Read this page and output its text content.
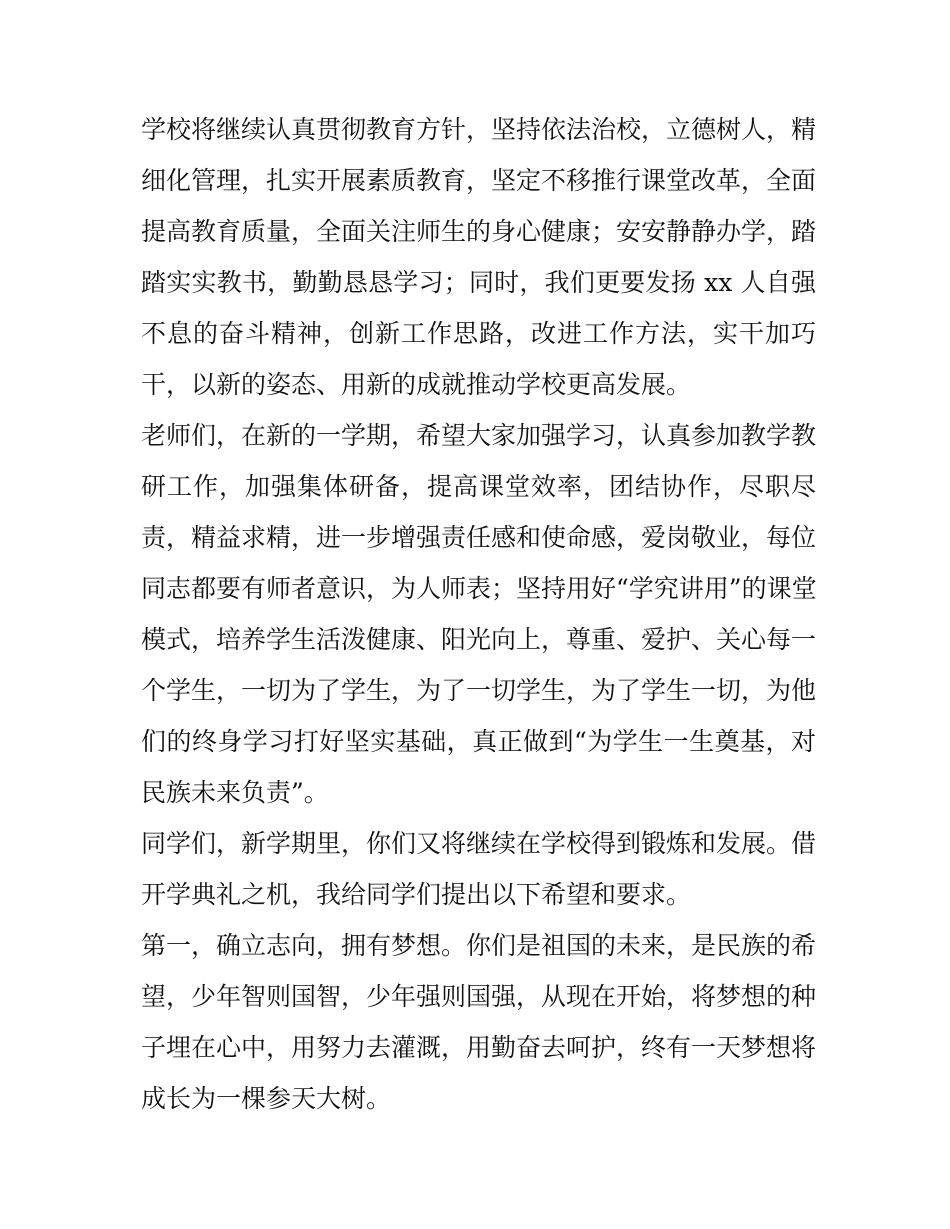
学校将继续认真贯彻教育方针，坚持依法治校，立德树人，精
细化管理，扎实开展素质教育，坚定不移推行课堂改革，全面
提高教育质量，全面关注师生的身心健康；安安静静办学，踏
踏实实教书，勤勤恳恳学习；同时，我们更要发扬 xx 人自强
不息的奋斗精神，创新工作思路，改进工作方法，实干加巧
干，以新的姿态、用新的成就推动学校更高发展。
老师们，在新的一学期，希望大家加强学习，认真参加教学教
研工作，加强集体研备，提高课堂效率，团结协作，尽职尽
责，精益求精，进一步增强责任感和使命感，爱岗敬业，每位
同志都要有师者意识，为人师表；坚持用好“学究讲用”的课堂
模式，培养学生活泼健康、阳光向上，尊重、爱护、关心每一
个学生，一切为了学生，为了一切学生，为了学生一切，为他
们的终身学习打好坚实基础，真正做到“为学生一生奠基，对
民族未来负责”。
同学们，新学期里，你们又将继续在学校得到锻炼和发展。借
开学典礼之机，我给同学们提出以下希望和要求。
第一，确立志向，拥有梦想。你们是祖国的未来，是民族的希
望，少年智则国智，少年强则国强，从现在开始，将梦想的种
子埋在心中，用努力去灌溉，用勤奋去呵护，终有一天梦想将
成长为一棵参天大树。
